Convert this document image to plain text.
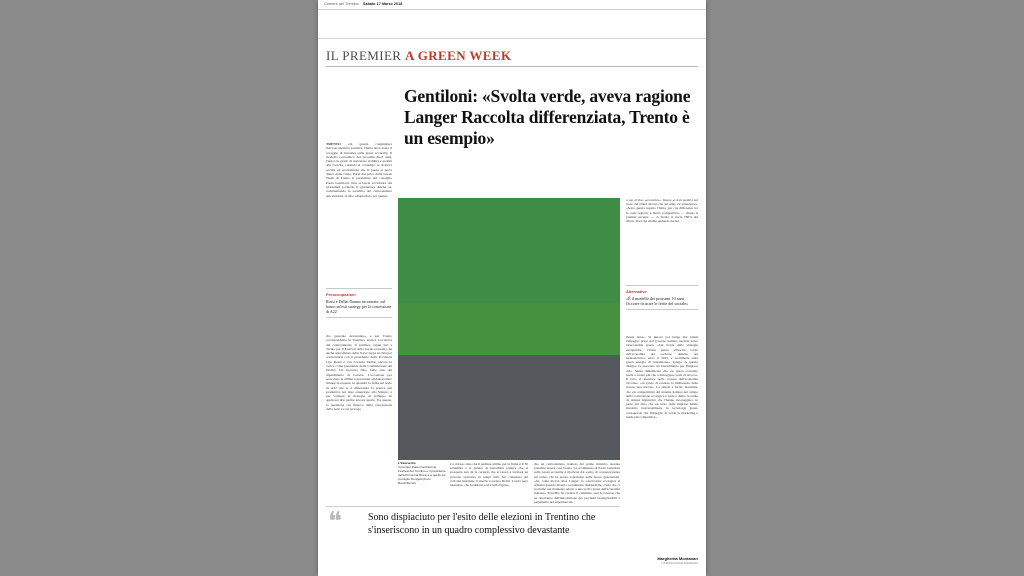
Corriere del Trentino Sabato 17 Marzo 2018
IL PREMIER A GREEN WEEK
Gentiloni: «Svolta verde, aveva ragione Langer Raccolta differenziata, Trento è un esempio»
TRENTO «In questa congiuntura macroeconomica positiva, l'Italia deve avere il coraggio di investire sulla green economy. Il modello economico dei prossimi dieci anni, l'unico in grado di assicurare stabilità e qualità alla crescita, curando al contempo le cicatrici sociali ed economiche che il paese si porta dietro dalla crisi». Parla dal palco della Green Week di Trento il presidente del consiglio Paolo Gentiloni. Non si lascia avvicinare dai giornalisti («chiedo il giornata»). Anche se, commentando la sconfitta del centrosinistra alle elezioni, si dice «dispiaciuto per quanto
Preoccupazioni

Rossi e Dellai l'hanno incontrato: sul banco un'exit strategy per la concessione di A22

dro generale devastante», e per Trento corrispondente in Trentino, storica roccaforte del centrosinistra. Il premier, ospite ieri a Trento per il Festival della Green economy, ha anche approfittato della breve tappa in città per confrontarsi con il presidente della Provincia Ugo Rossi e con Lorenzo Dellai, ancora in carica come presidente della Commissione dei Dodici. Un incontro fitto, nelle sale del dipartimento di Lettere. L'occasione per setacciare le ultime concessioni all'Autonomia: rimane in sospeso in quantità la firma sul nodo di A22 che si è dimostrata la pratica più produttiva nel dare attuazione allo Statuto; e per valutare le strategie di sviluppo da applicare alle partite ancora aperte. Tra queste, la questione sul rinnovo della concessione della A22, la cui proroga
L'intervento
Il premier Paolo Gentiloni al Festival del Trentino e il presidente della Provincia Rossi e a quello ed consiglio Dorigatti (Foto Rensi/Rensi)
è a ridosso dato che il termine ultimo per la firma è il 30 settembre e il quadro di instabilità politica che si prospetta non dà la certezza che si riesca a formare un governo operativo in tempi utili. Sul contenuto del colloqui mantiene il riserbo Lorenzo Dellai. Lascia però intendere, che Gentiloni «avrà bella figura»,
che un centrosinistra trainato dal primo ministro uscente potrebbe essere cosa buona. La scommessa di Paolo Gentiloni sulla Green economy è motivata dal «salto di consapevolezza sul tema» che ha notato soprattutto nelle nuove generazioni. «Se, come diceva Alex Langer, la conversione ecologica si afferma quando diventa socialmente desiderabile, credo che ci troviamo nel momento adatto a una svolta green dell'economia italiana». Potrebbe far credere il cammino «per le oneroso che ne otterranno dall'introduzione dei sacchetti biodegradabili a pagamento nei supermercati,
a suo avviso «eccessiva». Invece «i dati positivi sul ruolo dei rifiuti dicono che sul tema c'è attenzione». «Sotto questo aspetto l'Italia, pur con differenze tra le varie regioni, è molto competitiva» — chiuso il premier uscente —. A Trento si riscia l'80% dei rifiuti, direi che stiamo andando decisa-
Alternative

«È il modello dei prossimi 10 anni Occorre ricucire le ferite del sociale»

mente bene». Si muove poi lungo due binari l'impegno preso dal governo italiano uscente verso un'economia green. «Sul fronte delle strategie energetiche, l'Italia punta all'uscita totale dall'economia del carbone, almeno nel termoelettrico, entro il 2025, e scommette sulla green energia di transizione», spiega. A questo disegno va associato un investimento per l'impresa 4.0». Senza dimenticare che «la green economy tende a creare più che a distruggere posti di lavoro». Il tutto si inserisce nella cornice dell'economia circolare, «in grado di rendere la limitatezza delle risorse una risorsa». La sintesi è facile, insomma, che «la competitività del sistema italiano nel campo della conversione ecologica è reale e dietro la punte da misure legislative che l'hanno incoraggiata, in parte dal fatto che un terzo delle imprese hanno investito trasversalmente in tecnologie green, consapevoli che l'impegno di verde la marketing e rende più competitivi».
Margherita Montanari
© RIPRODUZIONE RISERVATA
❝	Sono dispiaciuto per l'esito delle elezioni in Trentino che s'inseriscono in un quadro complessivo devastante
